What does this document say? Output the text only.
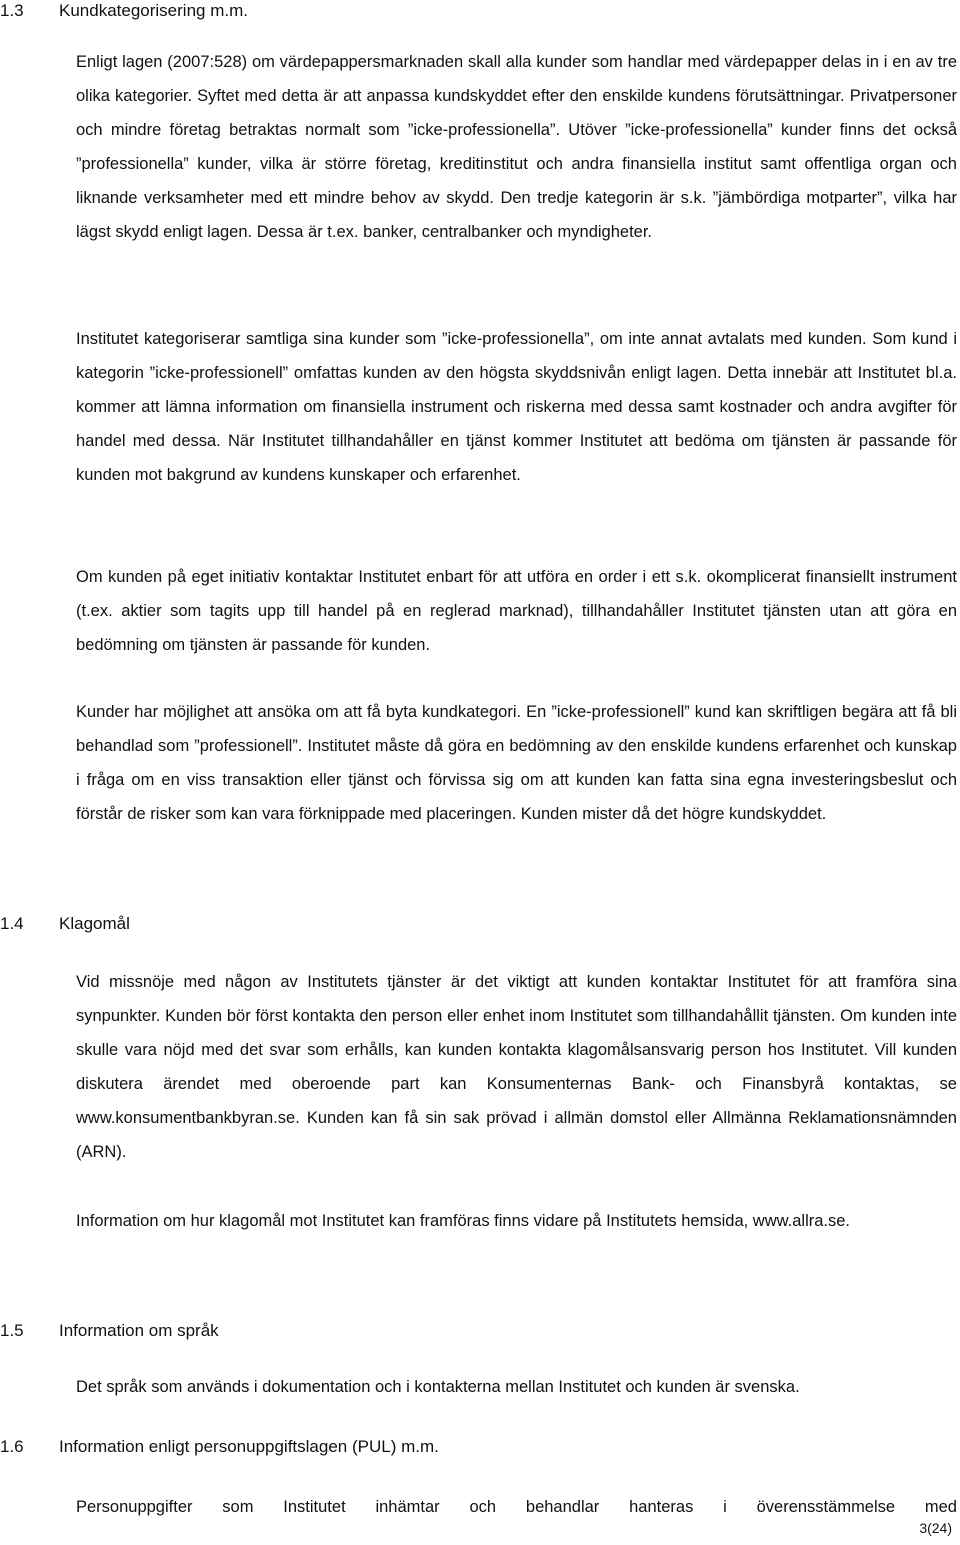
1.3 Kundkategorisering m.m.

Enligt lagen (2007:528) om värdepappersmarknaden skall alla kunder som handlar med värdepapper delas in i en av tre olika kategorier. Syftet med detta är att anpassa kundskyddet efter den enskilde kundens förutsättningar. Privatpersoner och mindre företag betraktas normalt som ”icke-professionella”. Utöver ”icke-professionella” kunder finns det också ”professionella” kunder, vilka är större företag, kreditinstitut och andra finansiella institut samt offentliga organ och liknande verksamheter med ett mindre behov av skydd. Den tredje kategorin är s.k. ”jämbördiga motparter”, vilka har lägst skydd enligt lagen. Dessa är t.ex. banker, centralbanker och myndigheter.

Institutet kategoriserar samtliga sina kunder som ”icke-professionella”, om inte annat avtalats med kunden. Som kund i kategorin ”icke-professionell” omfattas kunden av den högsta skyddsnivån enligt lagen. Detta innebär att Institutet bl.a. kommer att lämna information om finansiella instrument och riskerna med dessa samt kostnader och andra avgifter för handel med dessa. När Institutet tillhandahåller en tjänst kommer Institutet att bedöma om tjänsten är passande för kunden mot bakgrund av kundens kunskaper och erfarenhet.

Om kunden på eget initiativ kontaktar Institutet enbart för att utföra en order i ett s.k. okomplicerat finansiellt instrument (t.ex. aktier som tagits upp till handel på en reglerad marknad), tillhandahåller Institutet tjänsten utan att göra en bedömning om tjänsten är passande för kunden.

Kunder har möjlighet att ansöka om att få byta kundkategori. En ”icke-professionell” kund kan skriftligen begära att få bli behandlad som ”professionell”. Institutet måste då göra en bedömning av den enskilde kundens erfarenhet och kunskap i fråga om en viss transaktion eller tjänst och förvissa sig om att kunden kan fatta sina egna investeringsbeslut och förstår de risker som kan vara förknippade med placeringen. Kunden mister då det högre kundskyddet.

1.4 Klagomål

Vid missnöje med någon av Institutets tjänster är det viktigt att kunden kontaktar Institutet för att framföra sina synpunkter. Kunden bör först kontakta den person eller enhet inom Institutet som tillhandahållit tjänsten. Om kunden inte skulle vara nöjd med det svar som erhålls, kan kunden kontakta klagomålsansvarig person hos Institutet. Vill kunden diskutera ärendet med oberoende part kan Konsumenternas Bank- och Finansbyrå kontaktas, se www.konsumentbankbyran.se. Kunden kan få sin sak prövad i allmän domstol eller Allmänna Reklamationsnämnden (ARN).

Information om hur klagomål mot Institutet kan framföras finns vidare på Institutets hemsida, www.allra.se.

1.5 Information om språk

Det språk som används i dokumentation och i kontakterna mellan Institutet och kunden är svenska.

1.6 Information enligt personuppgiftslagen (PUL) m.m.

Personuppgifter som Institutet inhämtar och behandlar hanteras i överensstämmelse med

3(24)
